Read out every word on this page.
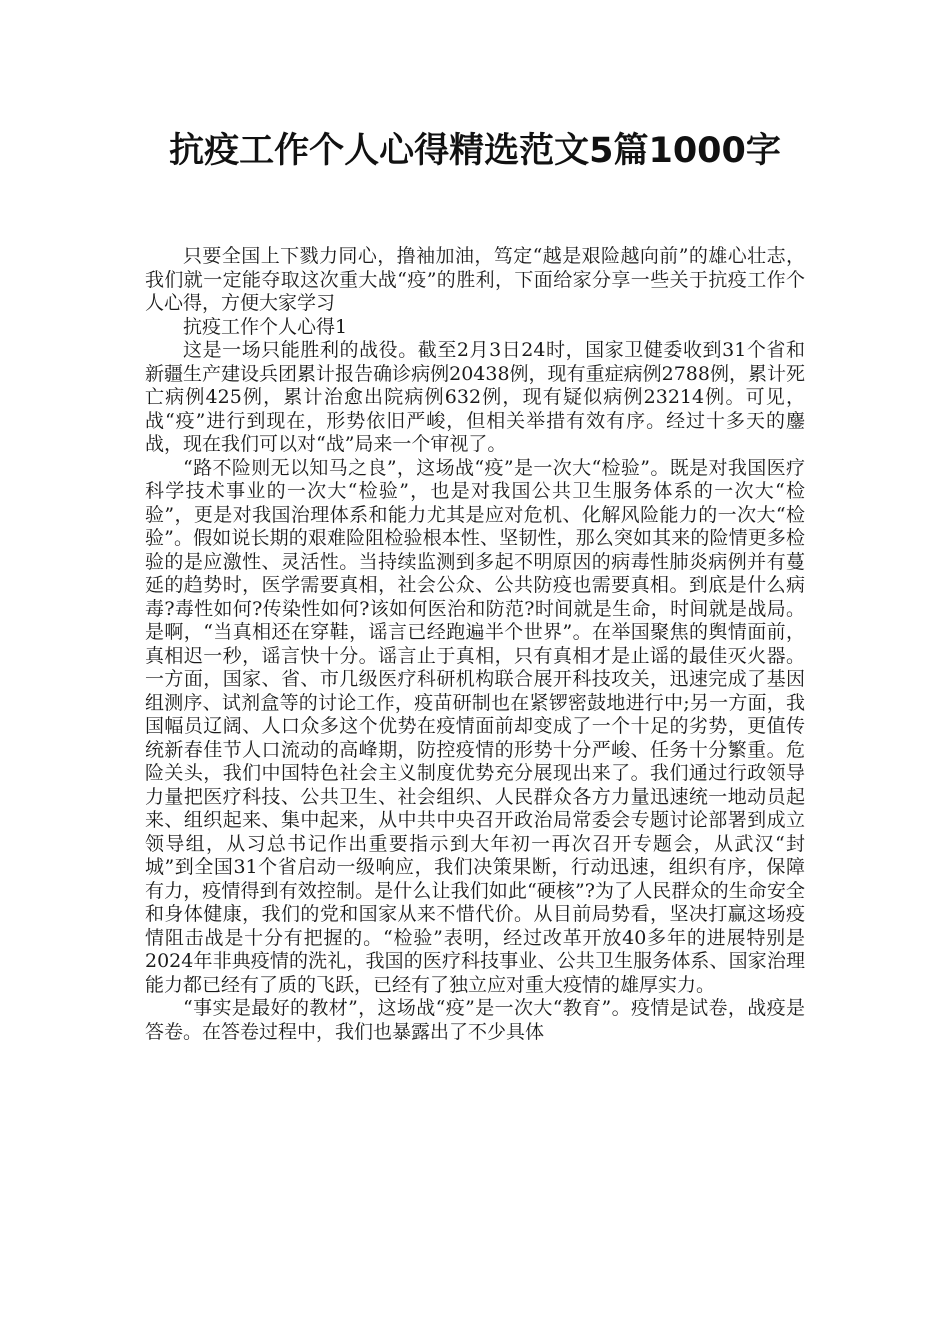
抗疫工作个人心得精选范文5篇1000字

只要全国上下戮力同心，撸袖加油，笃定“越是艰险越向前”的雄心壮志，我们就一定能夺取这次重大战“疫”的胜利，下面给家分享一些关于抗疫工作个人心得，方便大家学习

抗疫工作个人心得1

这是一场只能胜利的战役。截至2月3日24时，国家卫健委收到31个省和新疆生产建设兵团累计报告确诊病例20438例，现有重症病例2788例，累计死亡病例425例，累计治愈出院病例632例，现有疑似病例23214例。可见，战“疫”进行到现在，形势依旧严峻，但相关举措有效有序。经过十多天的鏖战，现在我们可以对“战”局来一个审视了。

“路不险则无以知马之良”，这场战“疫”是一次大“检验”。既是对我国医疗科学技术事业的一次大“检验”，也是对我国公共卫生服务体系的一次大“检验”，更是对我国治理体系和能力尤其是应对危机、化解风险能力的一次大“检验”。假如说长期的艰难险阻检验根本性、坚韧性，那么突如其来的险情更多检验的是应激性、灵活性。当持续监测到多起不明原因的病毒性肺炎病例并有蔓延的趋势时，医学需要真相，社会公众、公共防疫也需要真相。到底是什么病毒?毒性如何?传染性如何?该如何医治和防范?时间就是生命，时间就是战局。是啊，“当真相还在穿鞋，谣言已经跑遍半个世界”。在举国聚焦的舆情面前，真相迟一秒，谣言快十分。谣言止于真相，只有真相才是止谣的最佳灭火器。一方面，国家、省、市几级医疗科研机构联合展开科技攻关，迅速完成了基因组测序、试剂盒等的讨论工作，疫苗研制也在紧锣密鼓地进行中;另一方面，我国幅员辽阔、人口众多这个优势在疫情面前却变成了一个十足的劣势，更值传统新春佳节人口流动的高峰期，防控疫情的形势十分严峻、任务十分繁重。危险关头，我们中国特色社会主义制度优势充分展现出来了。我们通过行政领导力量把医疗科技、公共卫生、社会组织、人民群众各方力量迅速统一地动员起来、组织起来、集中起来，从中共中央召开政治局常委会专题讨论部署到成立领导组，从习总书记作出重要指示到大年初一再次召开专题会，从武汉“封城”到全国31个省启动一级响应，我们决策果断，行动迅速，组织有序，保障有力，疫情得到有效控制。是什么让我们如此“硬核”?为了人民群众的生命安全和身体健康，我们的党和国家从来不惜代价。从目前局势看，坚决打赢这场疫情阻击战是十分有把握的。“检验”表明，经过改革开放40多年的进展特别是2024年非典疫情的洗礼，我国的医疗科技事业、公共卫生服务体系、国家治理能力都已经有了质的飞跃，已经有了独立应对重大疫情的雄厚实力。

“事实是最好的教材”，这场战“疫”是一次大“教育”。疫情是试卷，战疫是答卷。在答卷过程中，我们也暴露出了不少具体
